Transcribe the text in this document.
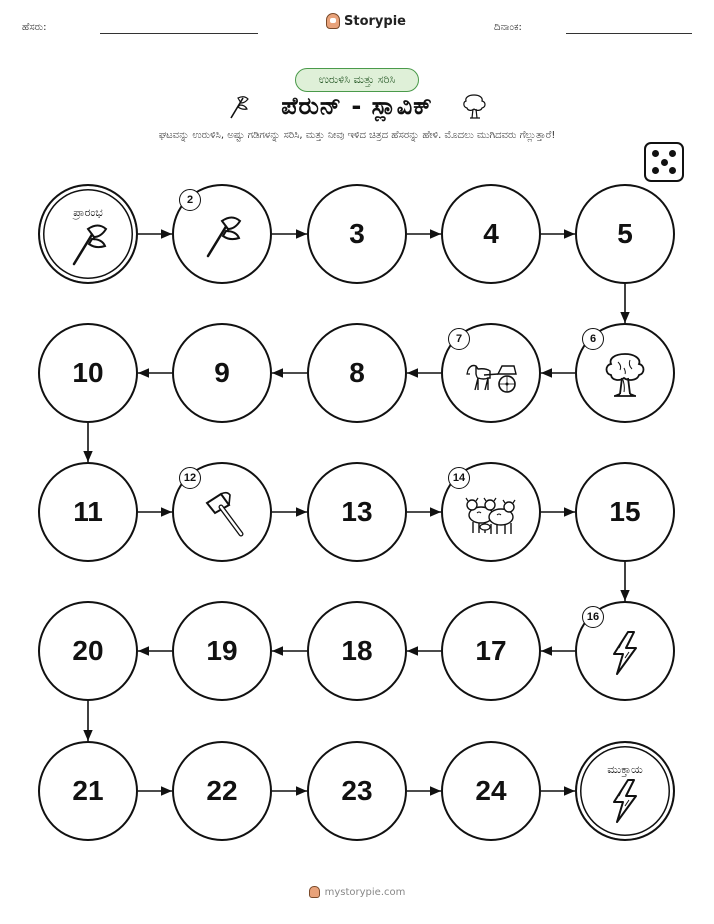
ಹೆಸರು:	Storypie	ದಿನಾಂಕ:
ಉರುಳಿಸಿ ಮತ್ತು ಸರಿಸಿ
ಪೆರುನ್ - ಸ್ಲಾವಿಕ್
ಘಟವನ್ನು ಉರುಳಿಸಿ, ಅಷ್ಟು ಗಡಿಗಳನ್ನು ಸರಿಸಿ, ಮತ್ತು ನೀವು ಇಳಿದ ಚಿತ್ರದ ಹೆಸರನ್ನು ಹೇಳಿ. ಮೊದಲು ಮುಗಿದವರು ಗೆಲ್ಲುತ್ತಾರೆ!
ಪ್ರಾರಂಭ
2
3	4	5
6
7
8
9
10
11
12
13
14
15
16
17
18
19
20
21	22	23	24
ಮುಕ್ತಾಯ
mystorypie.com
